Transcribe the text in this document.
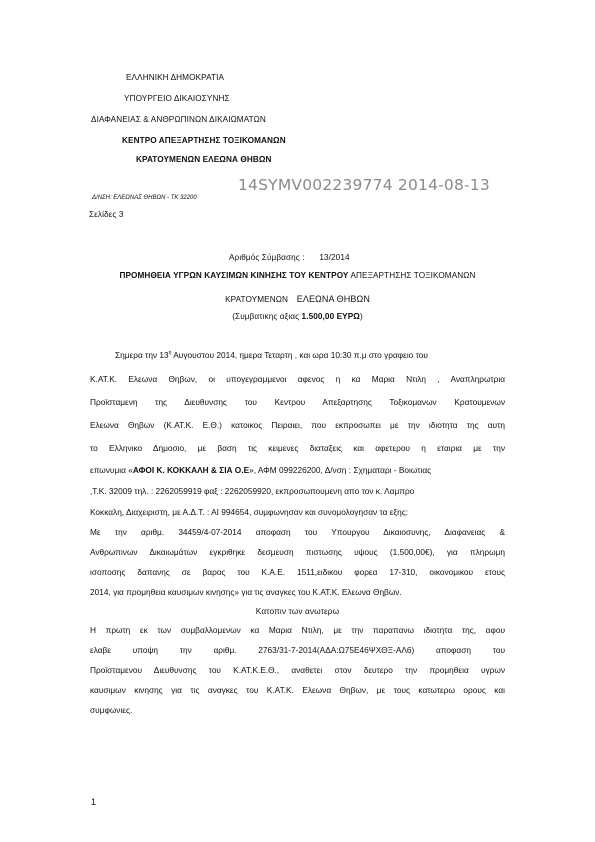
ΕΛΛΗΝΙΚΗ ΔΗΜΟΚΡΑΤΙΑ
ΥΠΟΥΡΓΕΙΟ ΔΙΚΑΙΟΣΥΝΗΣ
ΔΙΑΦΑΝΕΙΑΣ & ΑΝΘΡΩΠΙΝΩΝ ΔΙΚΑΙΩΜΑΤΩΝ
ΚΕΝΤΡΟ ΑΠΕΞΑΡΤΗΣΗΣ ΤΟΞΙΚΟΜΑΝΩΝ
ΚΡΑΤΟΥΜΕΝΩΝ ΕΛΕΩΝΑ ΘΗΒΩΝ
14SYMV002239774 2014-08-13
Δ/ΝΣΗ: ΕΛΕΩΝΑΣ ΘΗΒΩΝ - ΤΚ 32200
Σελίδες 3
Αριθμός Σύμβασης : 13/2014
ΠΡΟΜΗΘΕΙΑ ΥΓΡΩΝ ΚΑΥΣΙΜΩΝ ΚΙΝΗΣΗΣ ΤΟΥ ΚΕΝΤΡΟΥ ΑΠΕΞΑΡΤΗΣΗΣ ΤΟΞΙΚΟΜΑΝΩΝ
ΚΡΑΤΟΥΜΕΝΩΝ ΕΛΕΩΝΑ ΘΗΒΩΝ
(Συμβατικης αξιας 1.500,00 ΕΥΡΩ)
Σημερα την $13^\eta$ Αυγουστου 2014, ημερα Τεταρτη , και ωρα 10:30 π.μ στο γραφειο του
Κ.ΑΤ.Κ. Ελεωνα Θηβων, οι υπογεγραμμενοι αφενος η κα Μαρια Ντιλη , Αναπληρωτρια
Προϊσταμενη της Διευθυνσης του Κεντρου Απεξαρτησης Τοξικομανων Κρατουμενων
Ελεωνα Θηβων (Κ.ΑΤ.Κ. Ε.Θ.) κατοικος Πειραιει, που εκπροσωπει με την ιδιοτητα της αυτη
το Ελληνικο Δημοσιο, με βαση τις κειμενες διαταξεις και αφετερου η εταιρια με την
επωνυμια «ΑΦΟΙ Κ. ΚΟΚΚΑΛΗ & ΣΙΑ Ο.Ε», ΑΦΜ 099226200, Δ/νση : Σχηματαρι - Βοιωτιας
,Τ.Κ. 32009 τηλ. : 2262059919 φαξ : 2262059920, εκπροσωπουμενη απο τον κ. Λαμπρο
Κοκκαλη, Διαχειριστη, με Α.Δ.Τ. : ΑΙ 994654, συμφωνησαν και συνομολογησαν τα εξης:
Με την αριθμ. 34459/4-07-2014 αποφαση του Υπουργου Δικαιοσυνης, Διαφανειας &
Ανθρωπινων Δικαιωμάτων εγκριθηκε δεσμευση πιστωσης υψους (1.500,00€), για πληρωμη
ισοποσης δαπανης σε βαρος του Κ.Α.Ε. 1511,ειδικου φορεα 17-310, οικονομικου ετους
2014, για προμηθεια καυσιμων κινησης» για τις αναγκες του Κ.ΑΤ.Κ. Ελεωνα Θηβων.
Κατοπιν των ανωτερω
Η πρωτη εκ των συμβαλλομενων κα Μαρια Ντιλη, με την παραπανω ιδιοτητα της, αφου
ελαβε υποψη την αριθμ. 2763/31-7-2014(ΑΔΑ:Ω75Ε46ΨΧΘΞ-ΑΛ6) αποφαση του
Προϊσταμενου Διευθυνσης του Κ.ΑΤ.Κ.Ε.Θ., αναθετει στον δευτερο την προμηθεια υγρων
καυσιμων κινησης για τις αναγκες του Κ.ΑΤ.Κ. Ελεωνα Θηβων, με τους κατωτερω ορους και
συμφωνιες.
1
